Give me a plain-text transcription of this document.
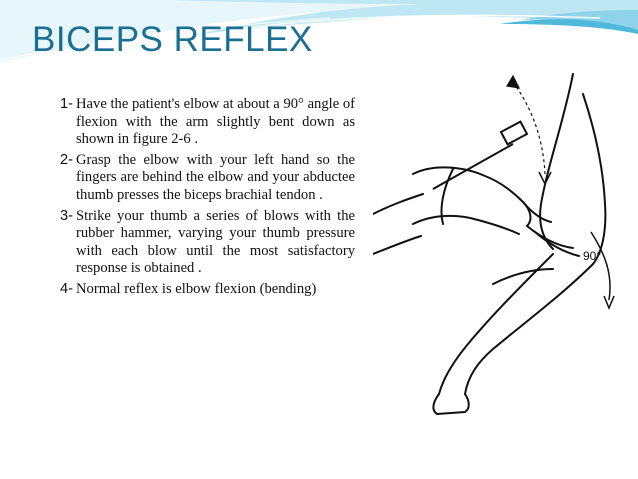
BICEPS REFLEX
1- Have the patient's elbow at about a 90° angle of flexion with the arm slightly bent down as shown in figure 2-6 .
2- Grasp the elbow with your left hand so the fingers are behind the elbow and your abductee thumb presses the biceps brachial tendon .
3- Strike your thumb a series of blows with the rubber hammer, varying your thumb pressure with each blow until the most satisfactory response is obtained .
4- Normal reflex is elbow flexion (bending)
90°
